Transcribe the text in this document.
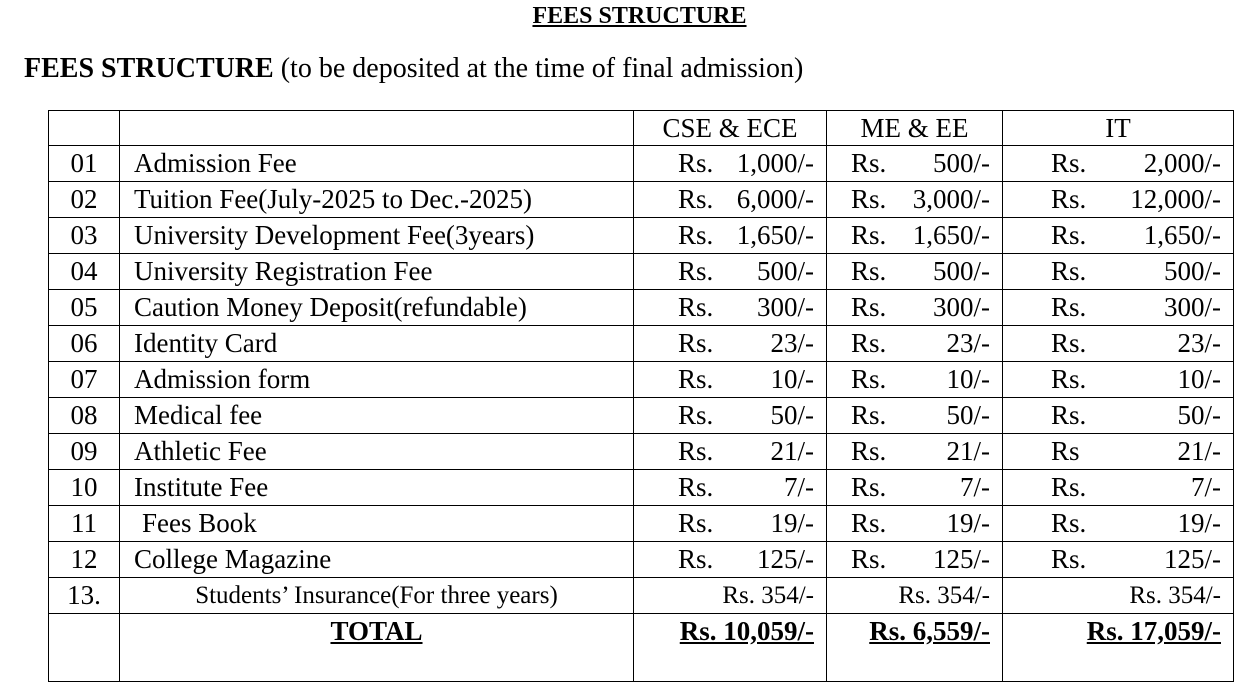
FEES STRUCTURE
FEES STRUCTURE (to be deposited at the time of final admission)
		CSE & ECE	ME & EE	IT
01	Admission Fee	Rs. 1,000/-	Rs. 500/-	Rs. 2,000/-

02	Tuition Fee(July-2025 to Dec.-2025)	Rs. 6,000/-	Rs. 3,000/-	Rs. 12,000/-

03	University Development Fee(3years)	Rs. 1,650/-	Rs. 1,650/-	Rs. 1,650/-

04	University Registration Fee	Rs. 500/-	Rs. 500/-	Rs. 500/-

05	Caution Money Deposit(refundable)	Rs. 300/-	Rs. 300/-	Rs. 300/-

06	Identity Card	Rs. 23/-	Rs. 23/-	Rs. 23/-

07	Admission form	Rs. 10/-	Rs. 10/-	Rs. 10/-

08	Medical fee	Rs. 50/-	Rs. 50/-	Rs. 50/-

09	Athletic Fee	Rs. 21/-	Rs. 21/-	Rs 21/-

10	Institute Fee	Rs. 7/-	Rs. 7/-	Rs. 7/-

11	Fees Book	Rs. 19/-	Rs. 19/-	Rs. 19/-

12	College Magazine	Rs. 125/-	Rs. 125/-	Rs. 125/-

13.	Students’ Insurance(For three years)	Rs. 354/-	Rs. 354/-	Rs. 354/-
	TOTAL	Rs. 10,059/-	Rs. 6,559/-	Rs. 17,059/-
